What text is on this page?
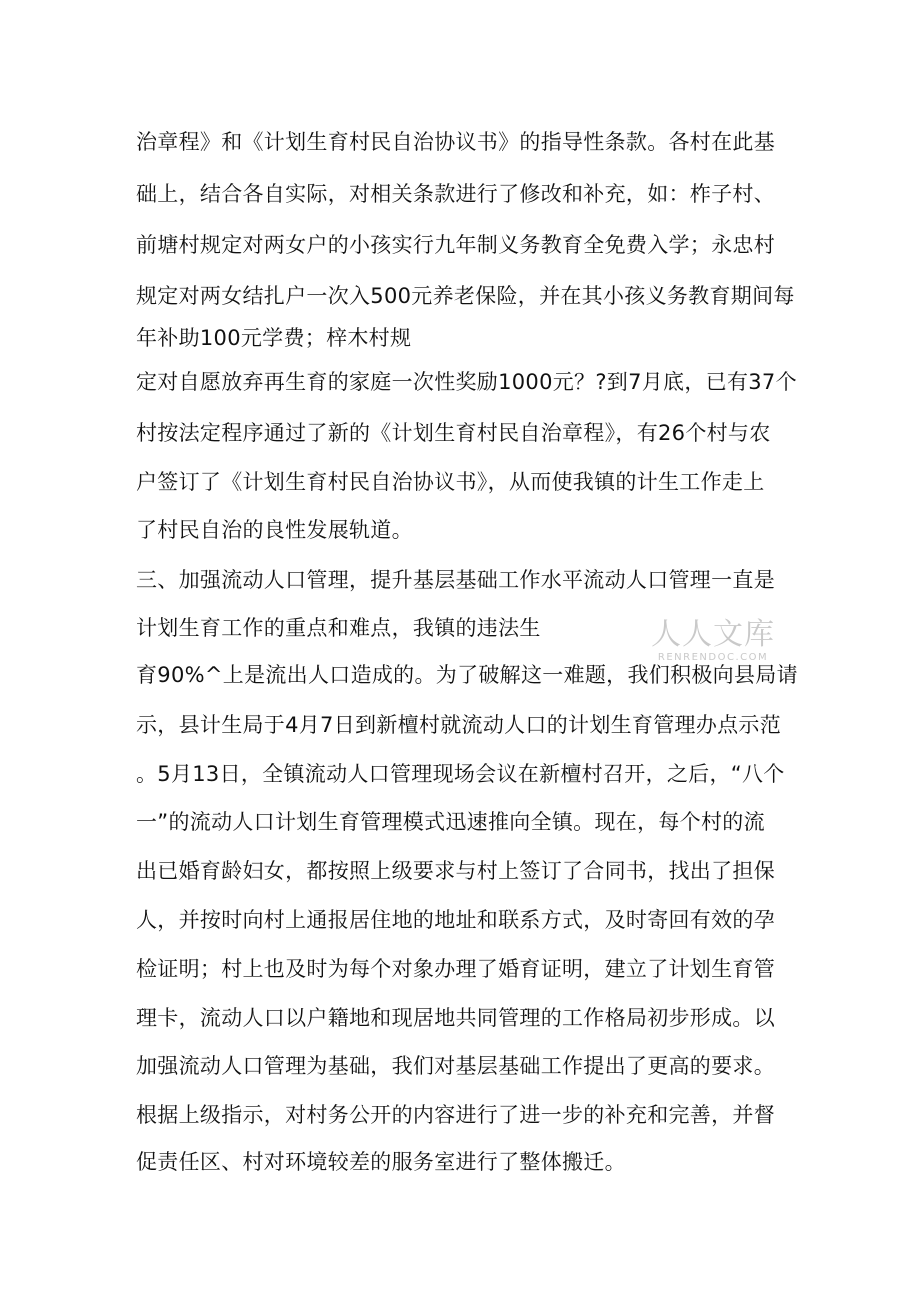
治章程》和《计划生育村民自治协议书》的指导性条款。各村在此基
础上，结合各自实际，对相关条款进行了修改和补充，如：柞子村、
前塘村规定对两女户的小孩实行九年制义务教育全免费入学；永忠村
规定对两女结扎户一次入500元养老保险，并在其小孩义务教育期间每
年补助100元学费；梓木村规
定对自愿放弃再生育的家庭一次性奖励1000元？?到7月底，已有37个
村按法定程序通过了新的《计划生育村民自治章程》，有26个村与农
户签订了《计划生育村民自治协议书》，从而使我镇的计生工作走上
了村民自治的良性发展轨道。
三、加强流动人口管理，提升基层基础工作水平流动人口管理一直是
计划生育工作的重点和难点，我镇的违法生
育90%^上是流出人口造成的。为了破解这一难题，我们积极向县局请
示，县计生局于4月7日到新檀村就流动人口的计划生育管理办点示范
。5月13日，全镇流动人口管理现场会议在新檀村召开，之后，“八个
一”的流动人口计划生育管理模式迅速推向全镇。现在，每个村的流
出已婚育龄妇女，都按照上级要求与村上签订了合同书，找出了担保
人，并按时向村上通报居住地的地址和联系方式，及时寄回有效的孕
检证明；村上也及时为每个对象办理了婚育证明，建立了计划生育管
理卡，流动人口以户籍地和现居地共同管理的工作格局初步形成。以
加强流动人口管理为基础，我们对基层基础工作提出了更高的要求。
根据上级指示，对村务公开的内容进行了进一步的补充和完善，并督
促责任区、村对环境较差的服务室进行了整体搬迁。
人人文库
RENRENDOC.COM
